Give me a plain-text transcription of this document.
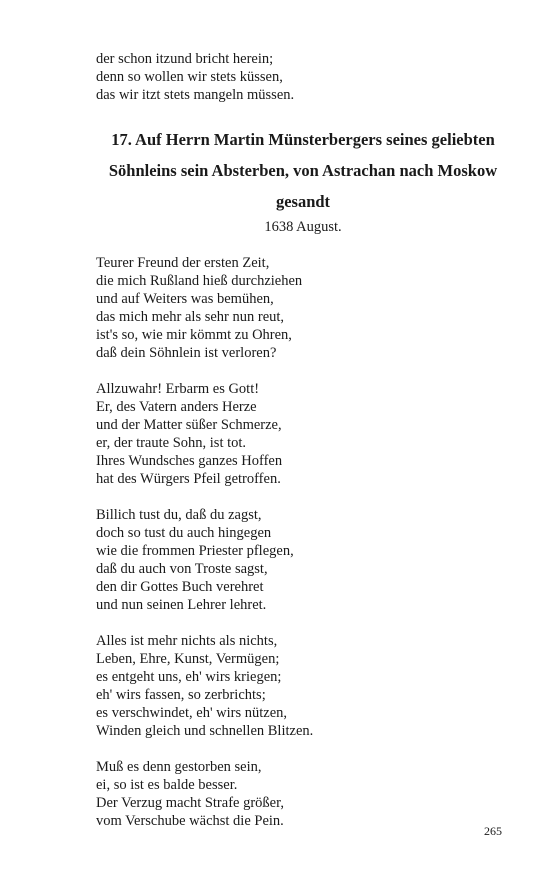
der schon itzund bricht herein;
denn so wollen wir stets küssen,
das wir itzt stets mangeln müssen.
17. Auf Herrn Martin Münsterbergers seines geliebten
Söhnleins sein Absterben, von Astrachan nach Moskow
gesandt
1638 August.
Teurer Freund der ersten Zeit,
die mich Rußland hieß durchziehen
und auf Weiters was bemühen,
das mich mehr als sehr nun reut,
ist's so, wie mir kömmt zu Ohren,
daß dein Söhnlein ist verloren?
Allzuwahr! Erbarm es Gott!
Er, des Vatern anders Herze
und der Matter süßer Schmerze,
er, der traute Sohn, ist tot.
Ihres Wundsches ganzes Hoffen
hat des Würgers Pfeil getroffen.
Billich tust du, daß du zagst,
doch so tust du auch hingegen
wie die frommen Priester pflegen,
daß du auch von Troste sagst,
den dir Gottes Buch verehret
und nun seinen Lehrer lehret.
Alles ist mehr nichts als nichts,
Leben, Ehre, Kunst, Vermügen;
es entgeht uns, eh' wirs kriegen;
eh' wirs fassen, so zerbrichts;
es verschwindet, eh' wirs nützen,
Winden gleich und schnellen Blitzen.
Muß es denn gestorben sein,
ei, so ist es balde besser.
Der Verzug macht Strafe größer,
vom Verschube wächst die Pein.
265
